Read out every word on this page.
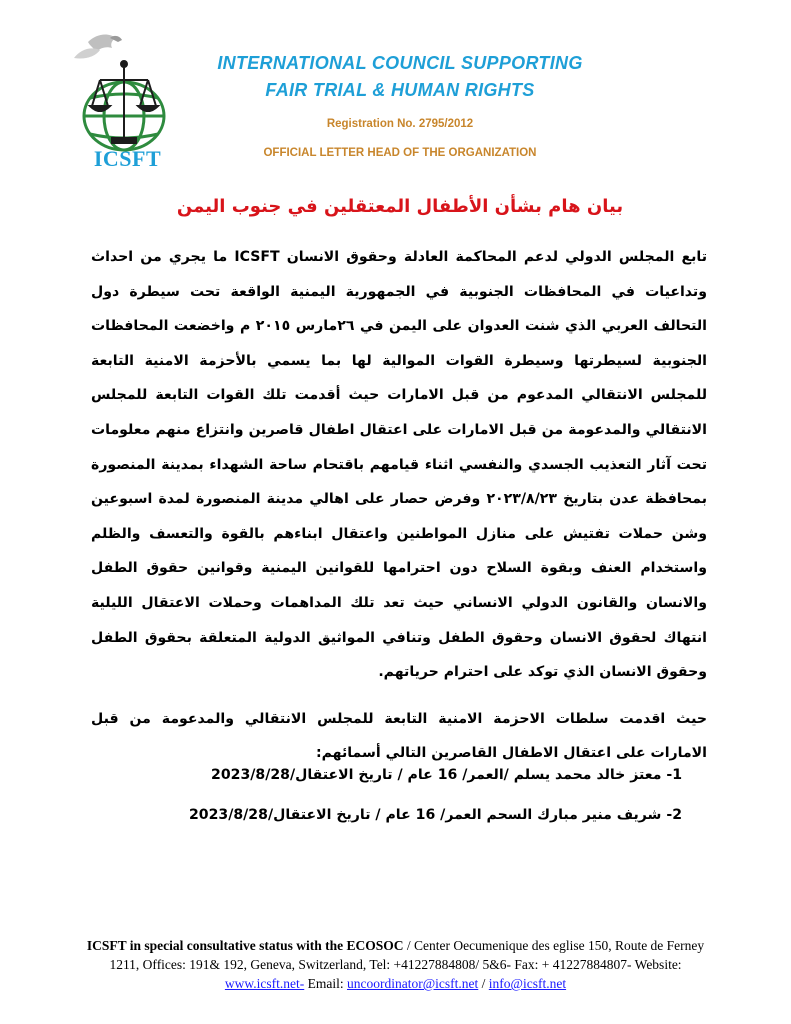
ICSFT
INTERNATIONAL COUNCIL SUPPORTING
FAIR TRIAL & HUMAN RIGHTS
Registration No. 2795/2012
OFFICIAL LETTER HEAD OF THE ORGANIZATION
بيان هام بشأن الأطفال المعتقلين في جنوب اليمن

تابع المجلس الدولي لدعم المحاكمة العادلة وحقوق الانسان ICSFT ما يجري من احداث وتداعيات في المحافظات الجنوبية في الجمهورية اليمنية الواقعة تحت سيطرة دول التحالف العربي الذي شنت العدوان على اليمن في ٢٦مارس ٢٠١٥ م واخضعت المحافظات الجنوبية لسيطرتها وسيطرة القوات الموالية لها بما يسمي بالأحزمة الامنية التابعة للمجلس الانتقالي المدعوم من قبل الامارات حيث أقدمت تلك القوات التابعة للمجلس الانتقالي والمدعومة من قبل الامارات على اعتقال اطفال قاصرين وانتزاع منهم معلومات تحت آثار التعذيب الجسدي والنفسي اثناء قيامهم باقتحام ساحة الشهداء بمدينة المنصورة بمحافظة عدن بتاريخ ٢٠٢٣/٨/٢٣ وفرض حصار على اهالي مدينة المنصورة لمدة اسبوعين وشن حملات تفتيش على منازل المواطنين واعتقال ابناءهم بالقوة والتعسف والظلم واستخدام العنف وبقوة السلاح دون احترامها للقوانين اليمنية وقوانين حقوق الطفل والانسان والقانون الدولي الانساني حيث تعد تلك المداهمات وحملات الاعتقال الليلية انتهاك لحقوق الانسان وحقوق الطفل وتنافي المواثيق الدولية المتعلقة بحقوق الطفل وحقوق الانسان الذي توكد على احترام حرياتهم.

حيث اقدمت سلطات الاحزمة الامنية التابعة للمجلس الانتقالي والمدعومة من قبل الامارات على اعتقال الاطفال القاصرين التالي أسمائهم:

1- معتز خالد محمد يسلم /العمر/ 16 عام / تاريخ الاعتقال/2023/8/28
2- شريف منير مبارك السحم العمر/ 16 عام / تاريخ الاعتقال/2023/8/28
ICSFT in special consultative status with the ECOSOC / Center Oecumenique des eglise 150, Route de Ferney 1211, Offices: 191& 192, Geneva, Switzerland, Tel: +41227884808/ 5&6- Fax: + 41227884807- Website: www.icsft.net- Email: uncoordinator@icsft.net / info@icsft.net
